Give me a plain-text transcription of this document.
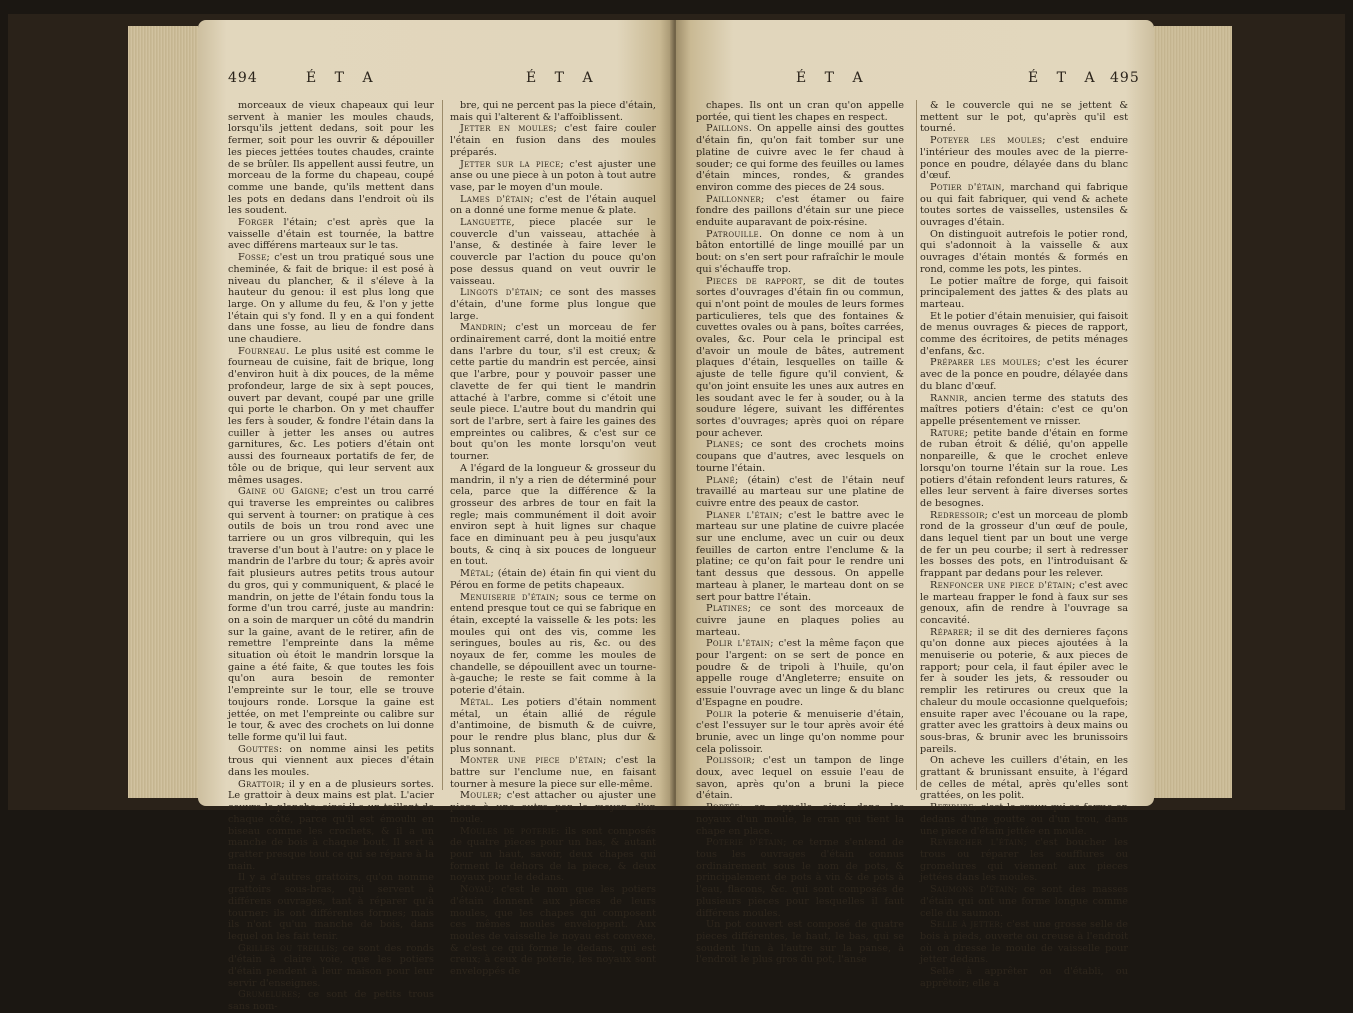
494	É T A	É T A

morceaux de vieux chapeaux qui leur servent à manier les moules chauds, lorsqu'ils jettent dedans, soit pour les fermer, soit pour les ouvrir & dépouiller les pieces jettées toutes chaudes, crainte de se brûler. Ils appellent aussi feutre, un morceau de la forme du chapeau, coupé comme une bande, qu'ils mettent dans les pots en dedans dans l'endroit où ils les soudent.

Forger l'étain; c'est après que la vaisselle d'étain est tournée, la battre avec différens marteaux sur le tas.

Fosse; c'est un trou pratiqué sous une cheminée, & fait de brique: il est posé à niveau du plancher, & il s'éleve à la hauteur du genou: il est plus long que large. On y allume du feu, & l'on y jette l'étain qui s'y fond. Il y en a qui fondent dans une fosse, au lieu de fondre dans une chaudiere.

Fourneau. Le plus usité est comme le fourneau de cuisine, fait de brique, long d'environ huit à dix pouces, de la même profondeur, large de six à sept pouces, ouvert par devant, coupé par une grille qui porte le charbon. On y met chauffer les fers à souder, & fondre l'étain dans la cuiller à jetter les anses ou autres garnitures, &c. Les potiers d'étain ont aussi des fourneaux portatifs de fer, de tôle ou de brique, qui leur servent aux mêmes usages.

Gaine ou Gaigne; c'est un trou carré qui traverse les empreintes ou calibres qui servent à tourner: on pratique à ces outils de bois un trou rond avec une tarriere ou un gros vilbrequin, qui les traverse d'un bout à l'autre: on y place le mandrin de l'arbre du tour; & après avoir fait plusieurs autres petits trous autour du gros, qui y communiquent, & placé le mandrin, on jette de l'étain fondu tous la forme d'un trou carré, juste au mandrin: on a soin de marquer un côté du mandrin sur la gaine, avant de le retirer, afin de remettre l'empreinte dans la même situation où étoit le mandrin lorsque la gaine a été faite, & que toutes les fois qu'on aura besoin de remonter l'empreinte sur le tour, elle se trouve toujours ronde. Lorsque la gaine est jettée, on met l'empreinte ou calibre sur le tour, & avec des crochets on lui donne telle forme qu'il lui faut.

Gouttes: on nomme ainsi les petits trous qui viennent aux pieces d'étain dans les moules.

Grattoir; il y en a de plusieurs sortes. Le grattoir à deux mains est plat. L'acier couvre la planche; ainsi il a un taillant de chaque côté, parce qu'il est émoulu en biseau comme les crochets, & il a un manche de bois à chaque bout. Il sert à gratter presque tout ce qui se répare à la main.

Il y a d'autres grattoirs, qu'on nomme grattoirs sous-bras, qui servent à différens ouvrages, tant à réparer qu'à tourner: ils ont différentes formes; mais ils n'ont qu'un manche de bois, dans lequel on les fait tenir.

Grilles ou treillis; ce sont des ronds d'étain à claire voie, que les potiers d'étain pendent à leur maison pour leur servir d'enseignes.

Grumelures; ce sont de petits trous sans nom-

bre, qui ne percent pas la piece d'étain, mais qui l'alterent & l'affoiblissent.

Jetter en moules; c'est faire couler l'étain en fusion dans des moules préparés.

Jetter sur la piece; c'est ajuster une anse ou une piece à un poton à tout autre vase, par le moyen d'un moule.

Lames d'étain; c'est de l'étain auquel on a donné une forme menue & plate.

Languette, piece placée sur le couvercle d'un vaisseau, attachée à l'anse, & destinée à faire lever le couvercle par l'action du pouce qu'on pose dessus quand on veut ouvrir le vaisseau.

Lingots d'étain; ce sont des masses d'étain, d'une forme plus longue que large.

Mandrin; c'est un morceau de fer ordinairement carré, dont la moitié entre dans l'arbre du tour, s'il est creux; & cette partie du mandrin est percée, ainsi que l'arbre, pour y pouvoir passer une clavette de fer qui tient le mandrin attaché à l'arbre, comme si c'étoit une seule piece. L'autre bout du mandrin qui sort de l'arbre, sert à faire les gaines des empreintes ou calibres, & c'est sur ce bout qu'on les monte lorsqu'on veut tourner.

A l'égard de la longueur & grosseur du mandrin, il n'y a rien de déterminé pour cela, parce que la différence & la grosseur des arbres de tour en fait la regle; mais communément il doit avoir environ sept à huit lignes sur chaque face en diminuant peu à peu jusqu'aux bouts, & cinq à six pouces de longueur en tout.

Métal; (étain de) étain fin qui vient du Pérou en forme de petits chapeaux.

Menuiserie d'étain; sous ce terme on entend presque tout ce qui se fabrique en étain, excepté la vaisselle & les pots: les moules qui ont des vis, comme les seringues, boules au ris, &c. ou des noyaux de fer, comme les moules de chandelle, se dépouillent avec un tourne-à-gauche; le reste se fait comme à la poterie d'étain.

Métal. Les potiers d'étain nomment métal, un étain allié de régule d'antimoine, de bismuth & de cuivre, pour le rendre plus blanc, plus dur & plus sonnant.

Monter une piece d'étain; c'est la battre sur l'enclume nue, en faisant tourner à mesure la piece sur elle-même.

Mouler; c'est attacher ou ajuster une piece à une autre par le moyen d'un moule.

Moules de poterie: ils sont composés de quatre pieces pour un bas, & autant pour un haut, savoir, deux chapes qui forment le dehors de la piece, & deux noyaux pour le dedans.

Noyau; c'est le nom que les potiers d'étain donnent aux pieces de leurs moules, que les chapes qui composent ces mêmes moules enveloppent. Aux moules de vaisselle le noyau est convexe, & c'est ce qui forme le dedans, qui est creux; à ceux de poterie, les noyaux sont enveloppés de

É T A	É T A 495

chapes. Ils ont un cran qu'on appelle portée, qui tient les chapes en respect.

Paillons. On appelle ainsi des gouttes d'étain fin, qu'on fait tomber sur une platine de cuivre avec le fer chaud à souder; ce qui forme des feuilles ou lames d'étain minces, rondes, & grandes environ comme des pieces de 24 sous.

Paillonner; c'est étamer ou faire fondre des paillons d'étain sur une piece enduite auparavant de poix-résine.

Patrouille. On donne ce nom à un bâton entortillé de linge mouillé par un bout: on s'en sert pour rafraîchir le moule qui s'échauffe trop.

Pieces de rapport, se dit de toutes sortes d'ouvrages d'étain fin ou commun, qui n'ont point de moules de leurs formes particulieres, tels que des fontaines & cuvettes ovales ou à pans, boîtes carrées, ovales, &c. Pour cela le principal est d'avoir un moule de bâtes, autrement plaques d'étain, lesquelles on taille & ajuste de telle figure qu'il convient, & qu'on joint ensuite les unes aux autres en les soudant avec le fer à souder, ou à la soudure légere, suivant les différentes sortes d'ouvrages; après quoi on répare pour achever.

Planes; ce sont des crochets moins coupans que d'autres, avec lesquels on tourne l'étain.

Plané; (étain) c'est de l'étain neuf travaillé au marteau sur une platine de cuivre entre des peaux de castor.

Planer l'étain; c'est le battre avec le marteau sur une platine de cuivre placée sur une enclume, avec un cuir ou deux feuilles de carton entre l'enclume & la platine; ce qu'on fait pour le rendre uni tant dessus que dessous. On appelle marteau à planer, le marteau dont on se sert pour battre l'étain.

Platines; ce sont des morceaux de cuivre jaune en plaques polies au marteau.

Polir l'étain; c'est la même façon que pour l'argent: on se sert de ponce en poudre & de tripoli à l'huile, qu'on appelle rouge d'Angleterre; ensuite on essuie l'ouvrage avec un linge & du blanc d'Espagne en poudre.

Polir la poterie & menuiserie d'étain, c'est l'essuyer sur le tour après avoir été brunie, avec un linge qu'on nomme pour cela polissoir.

Polissoir; c'est un tampon de linge doux, avec lequel on essuie l'eau de savon, après qu'on a bruni la piece d'étain.

Portée: on appelle ainsi dans les noyaux d'un moule, le cran qui tient la chape en place.

Poterie d'étain; ce terme s'entend de tous les ouvrages d'étain connus ordinairement sous le nom de pots, & principalement de pots à vin & de pots à l'eau, flacons, &c. qui sont composés de plusieurs pieces pour lesquelles il faut différens moules.

Un pot couvert est composé de quatre pieces différentes, le haut, le bas, qui se soudent l'un à l'autre sur la panse, à l'endroit le plus gros du pot, l'anse

& le couvercle qui ne se jettent & mettent sur le pot, qu'après qu'il est tourné.

Poteyer les moules; c'est enduire l'intérieur des moules avec de la pierre-ponce en poudre, délayée dans du blanc d'œuf.

Potier d'étain, marchand qui fabrique ou qui fait fabriquer, qui vend & achete toutes sortes de vaisselles, ustensiles & ouvrages d'étain.

On distinguoit autrefois le potier rond, qui s'adonnoit à la vaisselle & aux ouvrages d'étain montés & formés en rond, comme les pots, les pintes.

Le potier maître de forge, qui faisoit principalement des jattes & des plats au marteau.

Et le potier d'étain menuisier, qui faisoit de menus ouvrages & pieces de rapport, comme des écritoires, de petits ménages d'enfans, &c.

Préparer les moules; c'est les écurer avec de la ponce en poudre, délayée dans du blanc d'œuf.

Rannir, ancien terme des statuts des maîtres potiers d'étain: c'est ce qu'on appelle présentement ve rnisser.

Rature; petite bande d'étain en forme de ruban étroit & délié, qu'on appelle nonpareille, & que le crochet enleve lorsqu'on tourne l'étain sur la roue. Les potiers d'étain refondent leurs ratures, & elles leur servent à faire diverses sortes de besognes.

Redressoir; c'est un morceau de plomb rond de la grosseur d'un œuf de poule, dans lequel tient par un bout une verge de fer un peu courbe; il sert à redresser les bosses des pots, en l'introduisant & frappant par dedans pour les relever.

Renfoncer une piece d'étain; c'est avec le marteau frapper le fond à faux sur ses genoux, afin de rendre à l'ouvrage sa concavité.

Réparer; il se dit des dernieres façons qu'on donne aux pieces ajoutées à la menuiserie ou poterie, & aux pieces de rapport; pour cela, il faut épiler avec le fer à souder les jets, & ressouder ou remplir les retirures ou creux que la chaleur du moule occasionne quelquefois; ensuite raper avec l'écouane ou la rape, gratter avec les grattoirs à deux mains ou sous-bras, & brunir avec les brunissoirs pareils.

On acheve les cuillers d'étain, en les grattant & brunissant ensuite, à l'égard de celles de métal, après qu'elles sont grattées, on les polit.

Retirure; c'est le creux qui se forme en dedans d'une goutte ou d'un trou, dans une piece d'étain jettée en moule.

Revercher l'étain; c'est boucher les trous ou réparer les soufflures ou gromelures qui viennent aux pieces jettées dans les moules.

Saumons d'étain; ce sont des masses d'étain qui ont une forme longue comme celle du saumon.

Selle à jetter; c'est une grosse selle de bois à pieds, ouverte ou creuse à l'endroit où on dresse le moule de vaisselle pour jetter dedans.

Selle à apprêter ou d'établi, ou apprêtoir; elle a
